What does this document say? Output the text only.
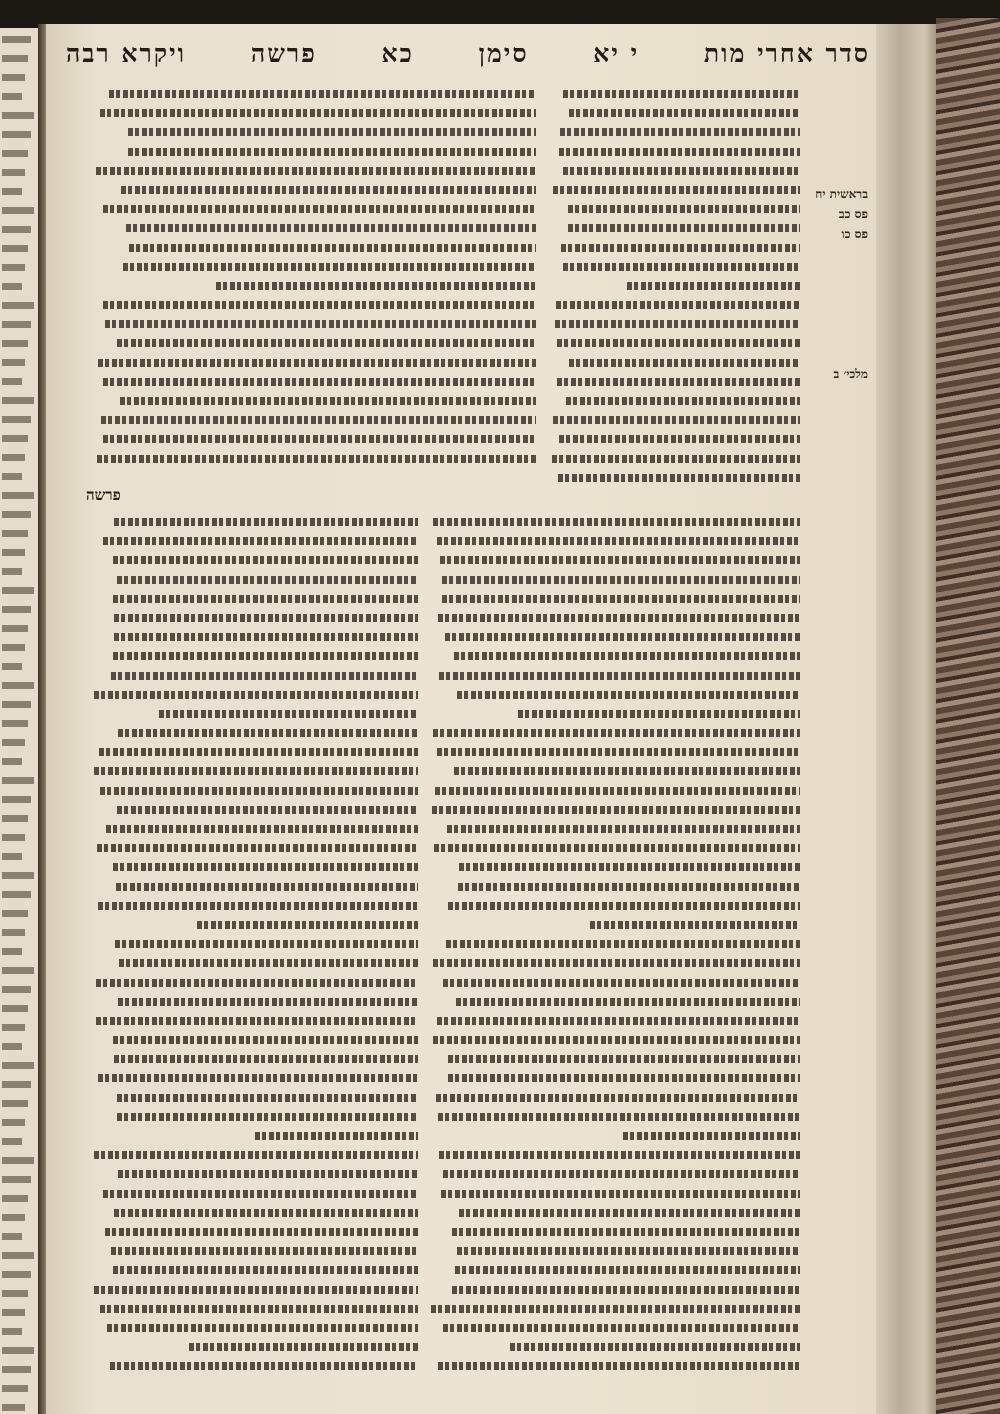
ויקרא רבה	פרשה	כא	סימן	י יא	סדר אחרי מות
בראשית יח
פס כב
פס כו
מלכי׳ ב
פרשה
